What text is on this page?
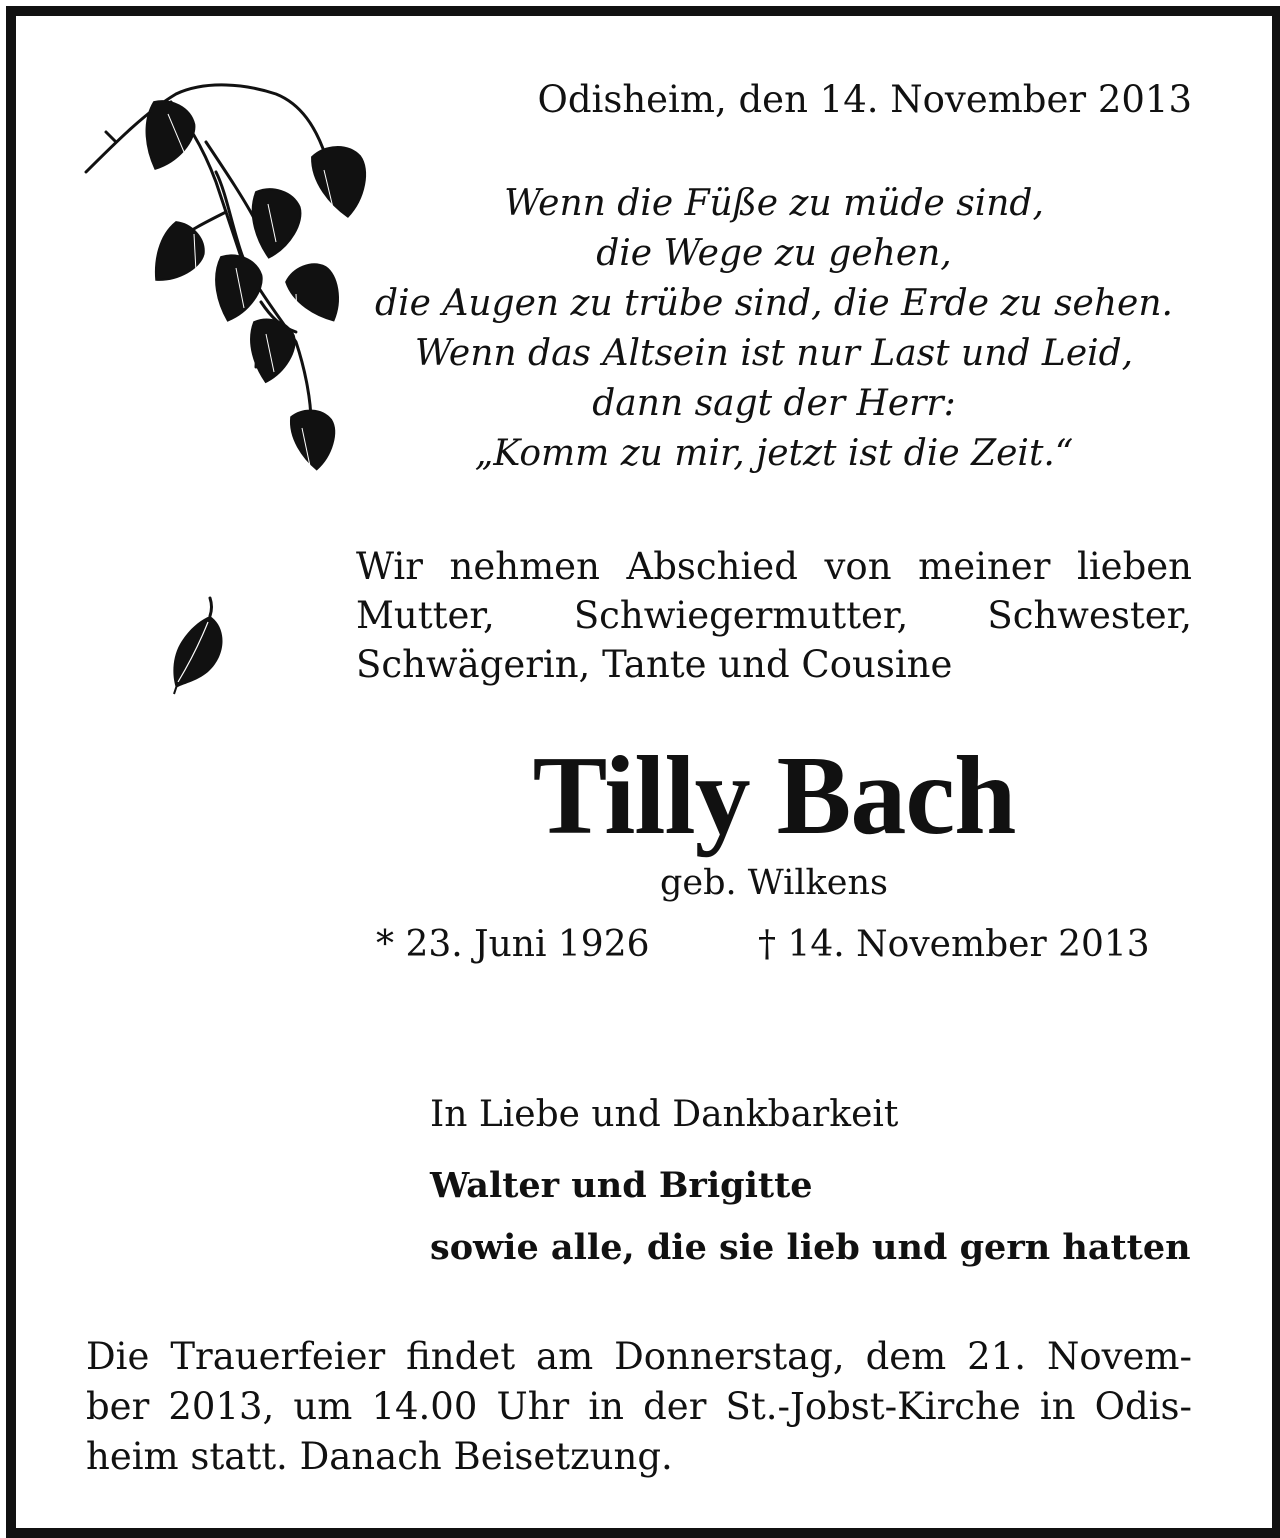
Odisheim, den 14. November 2013

Wenn die Füße zu müde sind,
die Wege zu gehen,
die Augen zu trübe sind, die Erde zu sehen.
Wenn das Altsein ist nur Last und Leid,
dann sagt der Herr:
„Komm zu mir, jetzt ist die Zeit.“
Wir nehmen Abschied von meiner lieben
Mutter, Schwiegermutter, Schwester,
Schwägerin, Tante und Cousine

Tilly Bach

geb. Wilkens

* 23. Juni 1926	† 14. November 2013

In Liebe und Dankbarkeit

Walter und Brigitte

sowie alle, die sie lieb und gern hatten

Die Trauerfeier findet am Donnerstag, dem 21. Novem-
ber 2013, um 14.00 Uhr in der St.-Jobst-Kirche in Odis-
heim statt. Danach Beisetzung.
